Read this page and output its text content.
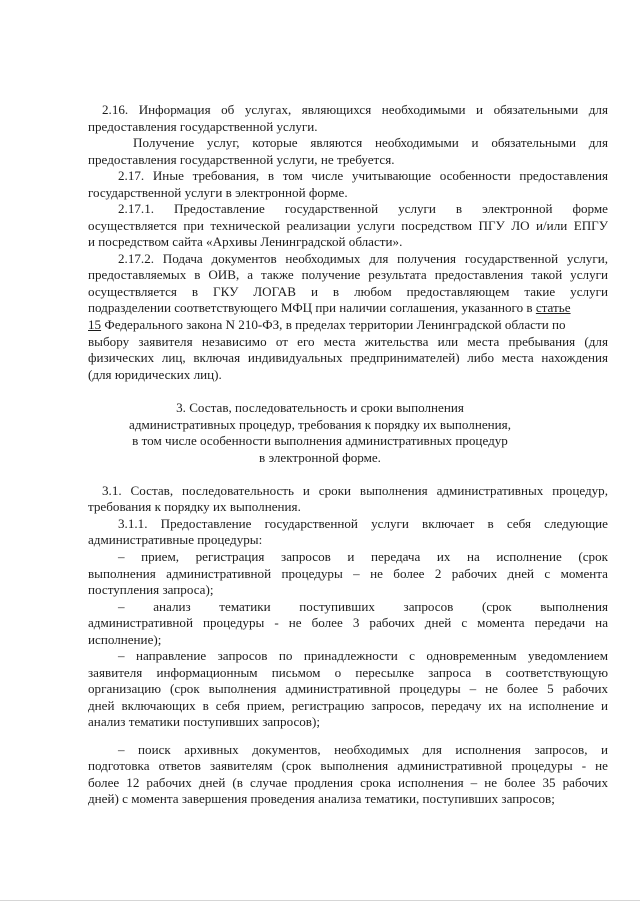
2.16. Информация об услугах, являющихся необходимыми и обязательными для
предоставления государственной услуги.
Получение услуг, которые являются необходимыми и обязательными для
предоставления государственной услуги, не требуется.
2.17. Иные требования, в том числе учитывающие особенности предоставления
государственной услуги в электронной форме.
2.17.1. Предоставление государственной услуги в электронной форме
осуществляется при технической реализации услуги посредством ПГУ ЛО и/или ЕПГУ
и посредством сайта «Архивы Ленинградской области».
2.17.2. Подача документов необходимых для получения государственной услуги,
предоставляемых в ОИВ, а также получение результата предоставления такой услуги
осуществляется в ГКУ ЛОГАВ и в любом предоставляющем такие услуги
подразделении соответствующего МФЦ при наличии соглашения, указанного в статье
15 Федерального закона N 210-ФЗ, в пределах территории Ленинградской области по
выбору заявителя независимо от его места жительства или места пребывания (для
физических лиц, включая индивидуальных предпринимателей) либо места нахождения
(для юридических лиц).
3. Состав, последовательность и сроки выполнения
административных процедур, требования к порядку их выполнения,
в том числе особенности выполнения административных процедур
в электронной форме.
3.1. Состав, последовательность и сроки выполнения административных процедур,
требования к порядку их выполнения.
3.1.1. Предоставление государственной услуги включает в себя следующие
административные процедуры:
– прием, регистрация запросов и передача их на исполнение (срок
выполнения административной процедуры – не более 2 рабочих дней с момента
поступления запроса);
– анализ тематики поступивших запросов (срок выполнения
административной процедуры - не более 3 рабочих дней с момента передачи на
исполнение);
– направление запросов по принадлежности с одновременным уведомлением
заявителя информационным письмом о пересылке запроса в соответствующую
организацию (срок выполнения административной процедуры – не более 5 рабочих
дней включающих в себя прием, регистрацию запросов, передачу их на исполнение и
анализ тематики поступивших запросов);
– поиск архивных документов, необходимых для исполнения запросов, и
подготовка ответов заявителям (срок выполнения административной процедуры - не
более 12 рабочих дней (в случае продления срока исполнения – не более 35 рабочих
дней) с момента завершения проведения анализа тематики, поступивших запросов;
